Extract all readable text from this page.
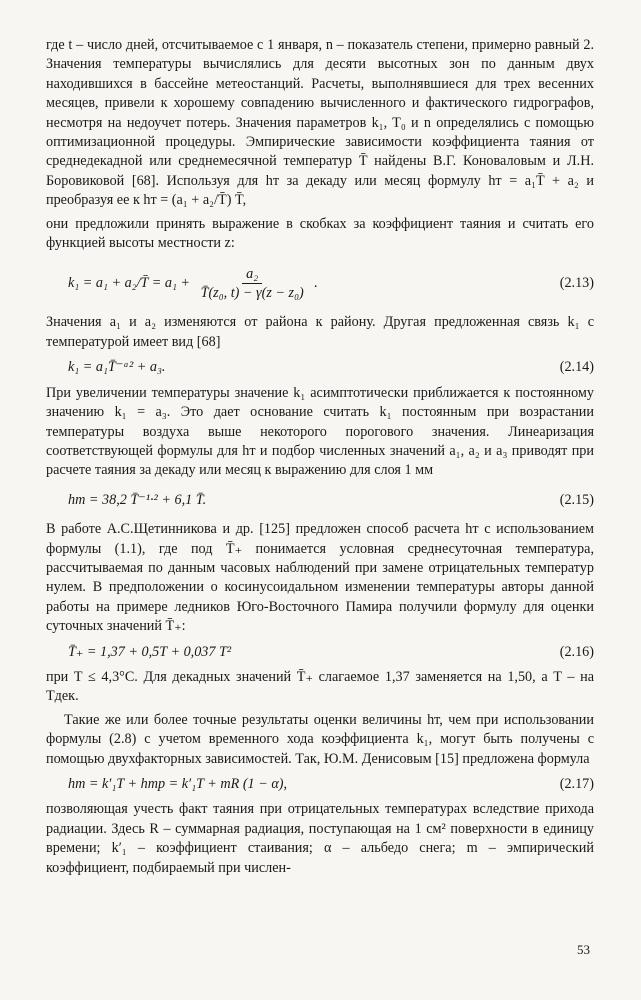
где t – число дней, отсчитываемое с 1 января, n – показатель степени, примерно равный 2. Значения температуры вычислялись для десяти высотных зон по данным двух находившихся в бассейне метеостанций. Расчеты, выполнявшиеся для трех весенних месяцев, привели к хорошему совпадению вычисленного и фактического гидрографов, несмотря на недоучет потерь. Значения параметров k₁, T₀ и n определялись с помощью оптимизационной процедуры. Эмпирические зависимости коэффициента таяния от среднедекадной или среднемесячной температур T̄ найдены В.Г. Коноваловым и Л.Н. Боровиковой [68]. Используя для hт за декаду или месяц формулу hт = a₁T̄ + a₂ и преобразуя ее к hт = (a₁ + a₂/T̄) T̄,

они предложили принять выражение в скобках за коэффициент таяния и считать его функцией высоты местности z:

k₁ = a₁ + a₂/T̄ = $a_1 + \frac{\text{a₂}}{\text{T̄(z₀, t) − γ(z − z₀)}}$ .	(2.13)

Значения a₁ и a₂ изменяются от района к району. Другая предложенная связь k₁ с температурой имеет вид [68]

k₁ = a₁T̄⁻ᵃ² + a₃.	(2.14)

При увеличении температуры значение k₁ асимптотически приближается к постоянному значению k₁ = a₃. Это дает основание считать k₁ постоянным при возрастании температуры воздуха выше некоторого порогового значения. Линеаризация соответствующей формулы для hт и подбор численных значений a₁, a₂ и a₃ приводят при расчете таяния за декаду или месяц к выражению для слоя 1 мм

hт = 38,2 T̄⁻¹·² + 6,1 T̄.	(2.15)

В работе А.С.Щетинникова и др. [125] предложен способ расчета hт с использованием формулы (1.1), где под T̄₊ понимается условная среднесуточная температура, рассчитываемая по данным часовых наблюдений при замене отрицательных температур нулем. В предположении о косинусоидальном изменении температуры авторы данной работы на примере ледников Юго-Восточного Памира получили формулу для оценки суточных значений T̄₊:

T̄₊ = 1,37 + 0,5T + 0,037 T²	(2.16)

при T ≤ 4,3°C. Для декадных значений T̄₊ слагаемое 1,37 заменяется на 1,50, а T – на Tдек.

Такие же или более точные результаты оценки величины hт, чем при использовании формулы (2.8) с учетом временного хода коэффициента k₁, могут быть получены с помощью двухфакторных зависимостей. Так, Ю.М. Денисовым [15] предложена формула

hт = k′₁T + hтр = k′₁T + mR (1 − α),	(2.17)

позволяющая учесть факт таяния при отрицательных температурах вследствие прихода радиации. Здесь R – суммарная радиация, поступающая на 1 см² поверхности в единицу времени; k′₁ – коэффициент стаивания; α – альбедо снега; m – эмпирический коэффициент, подбираемый при числен-

53
